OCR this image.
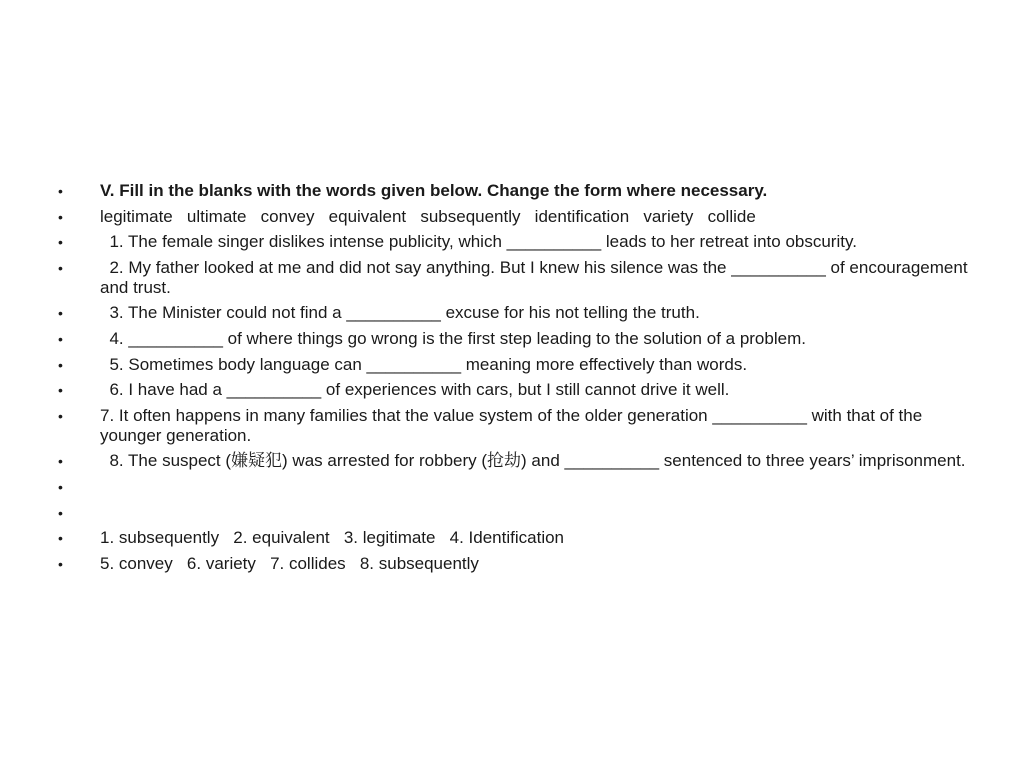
• V. Fill in the blanks with the words given below. Change the form where necessary.
• legitimate   ultimate   convey   equivalent   subsequently   identification   variety   collide
• 1. The female singer dislikes intense publicity, which __________ leads to her retreat into obscurity.
• 2. My father looked at me and did not say anything. But I knew his silence was the __________ of encouragement and trust.
• 3. The Minister could not find a __________ excuse for his not telling the truth.
• 4. __________ of where things go wrong is the first step leading to the solution of a problem.
• 5. Sometimes body language can __________ meaning more effectively than words.
• 6. I have had a __________ of experiences with cars, but I still cannot drive it well.
• 7. It often happens in many families that the value system of the older generation __________ with that of the younger generation.
• 8. The suspect (嫌疑犯) was arrested for robbery (抢劫) and __________ sentenced to three years’ imprisonment.
•
•
• 1. subsequently   2. equivalent   3. legitimate   4. Identification
• 5. convey   6. variety   7. collides   8. subsequently
